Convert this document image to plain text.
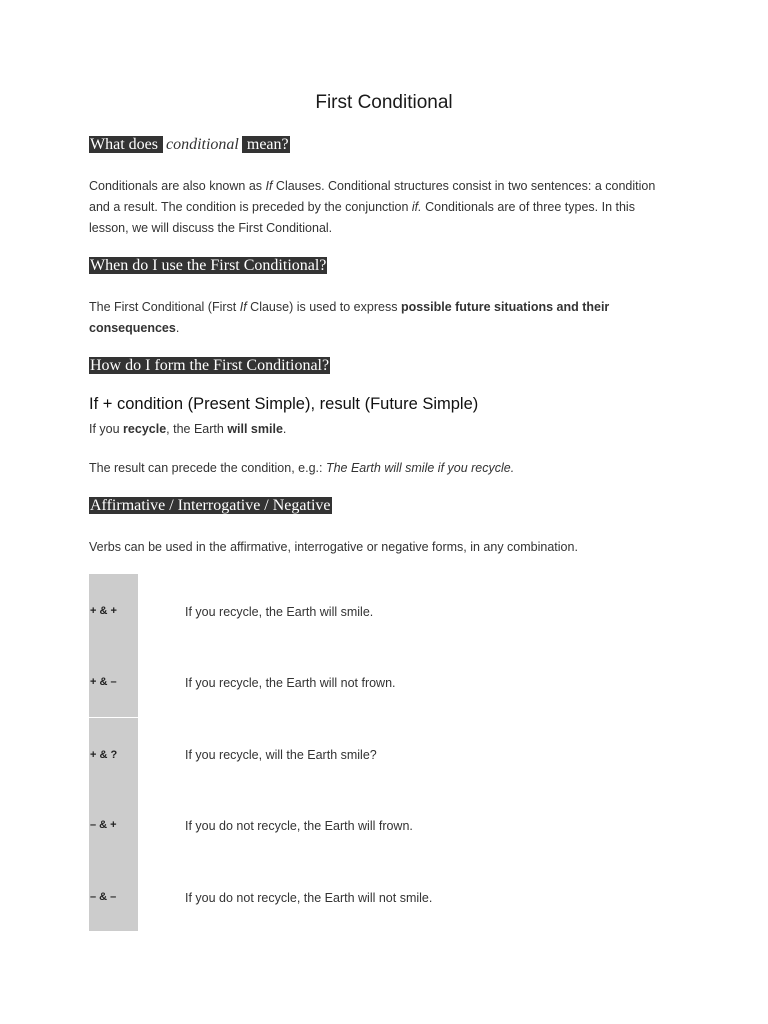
First Conditional
What does conditional mean?
Conditionals are also known as If Clauses. Conditional structures consist in two sentences: a condition and a result. The condition is preceded by the conjunction if. Conditionals are of three types. In this lesson, we will discuss the First Conditional.
When do I use the First Conditional?
The First Conditional (First If Clause) is used to express possible future situations and their consequences.
How do I form the First Conditional?
If + condition (Present Simple), result (Future Simple)
If you recycle, the Earth will smile.
The result can precede the condition, e.g.: The Earth will smile if you recycle.
Affirmative / Interrogative / Negative
Verbs can be used in the affirmative, interrogative or negative forms, in any combination.
+ & +	If you recycle, the Earth will smile.
+ & –	If you recycle, the Earth will not frown.
+ & ?	If you recycle, will the Earth smile?
– & +	If you do not recycle, the Earth will frown.
– & –	If you do not recycle, the Earth will not smile.
